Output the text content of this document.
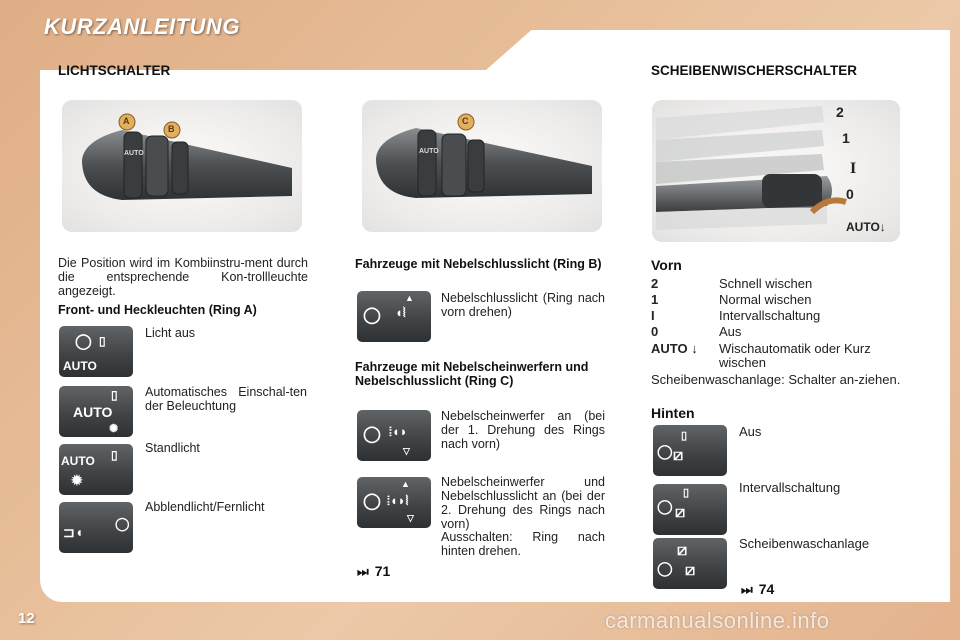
KURZANLEITUNG
LICHTSCHALTER
A
B
AUTO
C
AUTO
Die Position wird im Kombiinstru-ment durch die entsprechende Kon-trollleuchte angezeigt.
Front- und Heckleuchten (Ring A)
◯ ▯
AUTO
Licht aus
▯
AUTO
✺
Automatisches Einschal-ten der Beleuchtung
AUTO
✹
▯ Standlicht
⊐◖
◯
Abblendlicht/Fernlicht
Fahrzeuge mit Nebelschlusslicht (Ring B)
◯ ◖⦚
▲ Nebelschlusslicht (Ring nach vorn drehen)
Fahrzeuge mit Nebelscheinwerfern und Nebelschlusslicht (Ring C)
◯ ⦙◖◗
▽
Nebelscheinwerfer an (bei der 1. Drehung des Rings nach vorn)
◯ ⦙◖◗⦚
▲
▽
Nebelscheinwerfer und Nebelschlusslicht an (bei der 2. Drehung des Rings nach vorn)
Ausschalten: Ring nach hinten drehen.
⏭ 71
SCHEIBENWISCHERSCHALTER
2
1
I
0
AUTO↓
Vorn
2	Schnell wischen
1	Normal wischen
I	Intervallschaltung
0	Aus
AUTO ↓ Wischautomatik oder Kurz wischen
Scheibenwaschanlage: Schalter an-ziehen.
Hinten
▯
⧄
◯
Aus
▯
⧄
◯
Intervallschaltung
⧄
⧄
◯
Scheibenwaschanlage
⏭ 74
12	carmanualsonline.info
